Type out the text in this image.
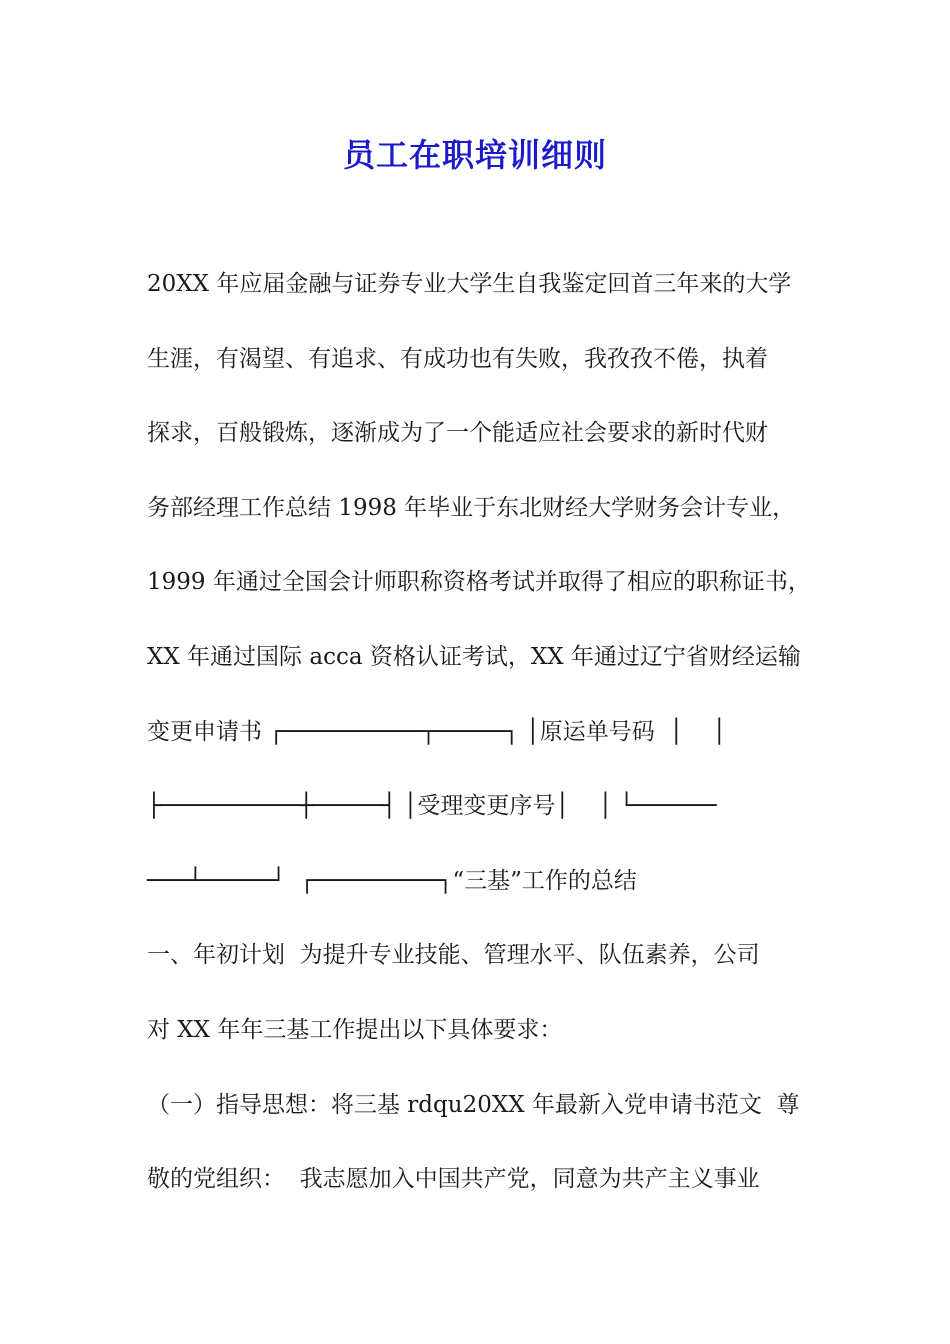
员工在职培训细则
20XX 年应届金融与证券专业大学生自我鉴定回首三年来的大学
生涯，有渴望、有追求、有成功也有失败，我孜孜不倦，执着
探求，百般锻炼，逐渐成为了一个能适应社会要求的新时代财
务部经理工作总结 1998 年毕业于东北财经大学财务会计专业，
1999 年通过全国会计师职称资格考试并取得了相应的职称证书，
XX 年通过国际 acca 资格认证考试，XX 年通过辽宁省财经运输
变更申请书 ┌──────────┬─────┐ │原运单号码  │    │
├──────────┼─────┤ │受理变更序号│    │ └──────
───┴─────┘  ┌─────────┐“三基”工作的总结
一、年初计划  为提升专业技能、管理水平、队伍素养，公司
对 XX 年年三基工作提出以下具体要求：
（一）指导思想：将三基 rdqu20XX 年最新入党申请书范文  尊
敬的党组织：  我志愿加入中国共产党，同意为共产主义事业
